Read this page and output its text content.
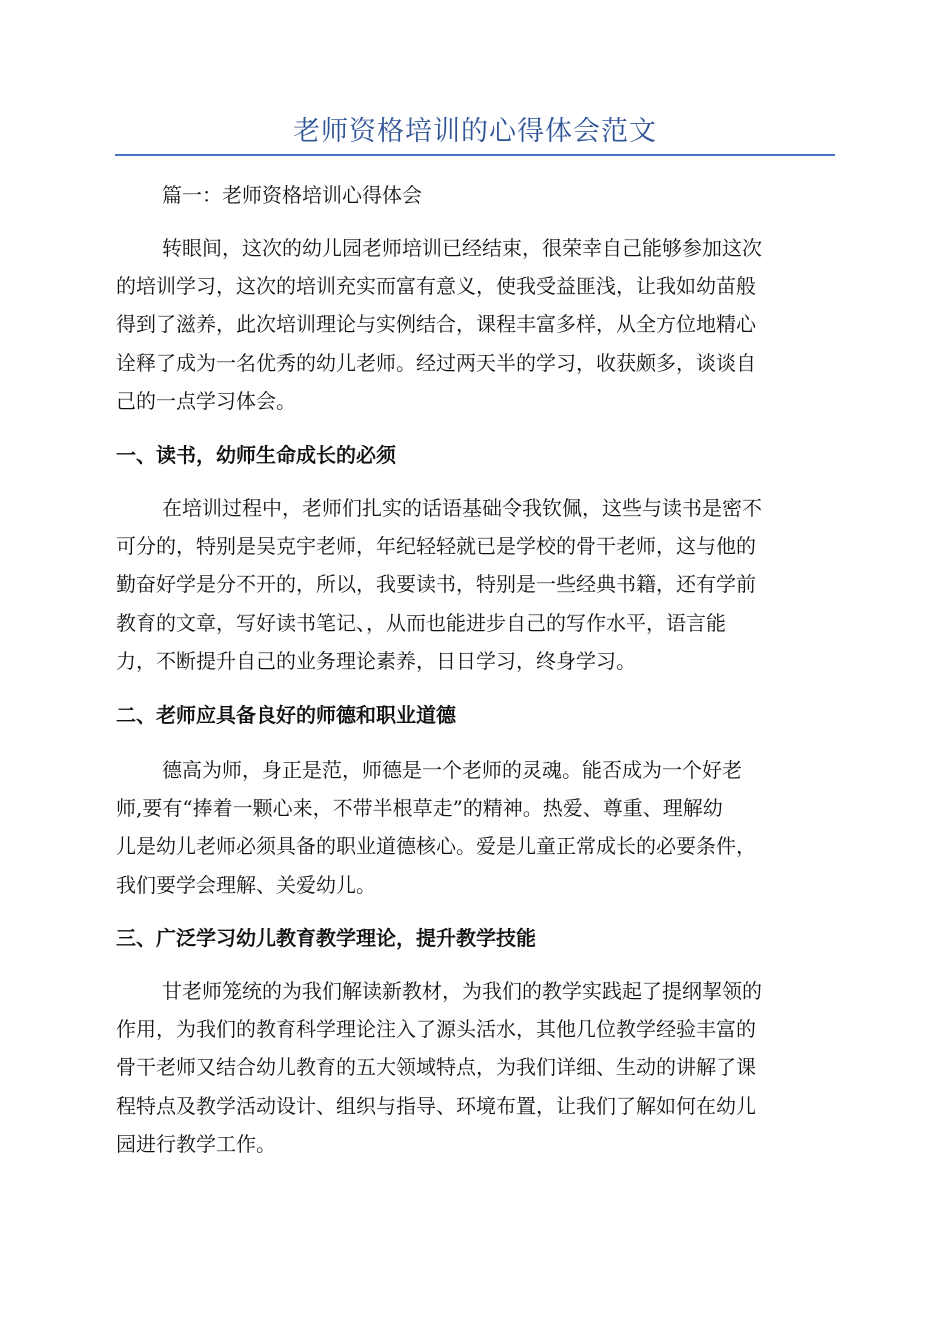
老师资格培训的心得体会范文
篇一：老师资格培训心得体会
转眼间，这次的幼儿园老师培训已经结束，很荣幸自己能够参加这次
的培训学习，这次的培训充实而富有意义，使我受益匪浅，让我如幼苗般
得到了滋养，此次培训理论与实例结合，课程丰富多样，从全方位地精心
诠释了成为一名优秀的幼儿老师。经过两天半的学习，收获颇多，谈谈自
己的一点学习体会。
一、读书，幼师生命成长的必须
在培训过程中，老师们扎实的话语基础令我钦佩，这些与读书是密不
可分的，特别是吴克宇老师，年纪轻轻就已是学校的骨干老师，这与他的
勤奋好学是分不开的，所以，我要读书，特别是一些经典书籍，还有学前
教育的文章，写好读书笔记、，从而也能进步自己的写作水平，语言能
力，不断提升自己的业务理论素养，日日学习，终身学习。
二、老师应具备良好的师德和职业道德
德高为师，身正是范，师德是一个老师的灵魂。能否成为一个好老
师,要有“捧着一颗心来，不带半根草走”的精神。热爱、尊重、理解幼
儿是幼儿老师必须具备的职业道德核心。爱是儿童正常成长的必要条件，
我们要学会理解、关爱幼儿。
三、广泛学习幼儿教育教学理论，提升教学技能
甘老师笼统的为我们解读新教材，为我们的教学实践起了提纲挈领的
作用，为我们的教育科学理论注入了源头活水，其他几位教学经验丰富的
骨干老师又结合幼儿教育的五大领域特点，为我们详细、生动的讲解了课
程特点及教学活动设计、组织与指导、环境布置，让我们了解如何在幼儿
园进行教学工作。
